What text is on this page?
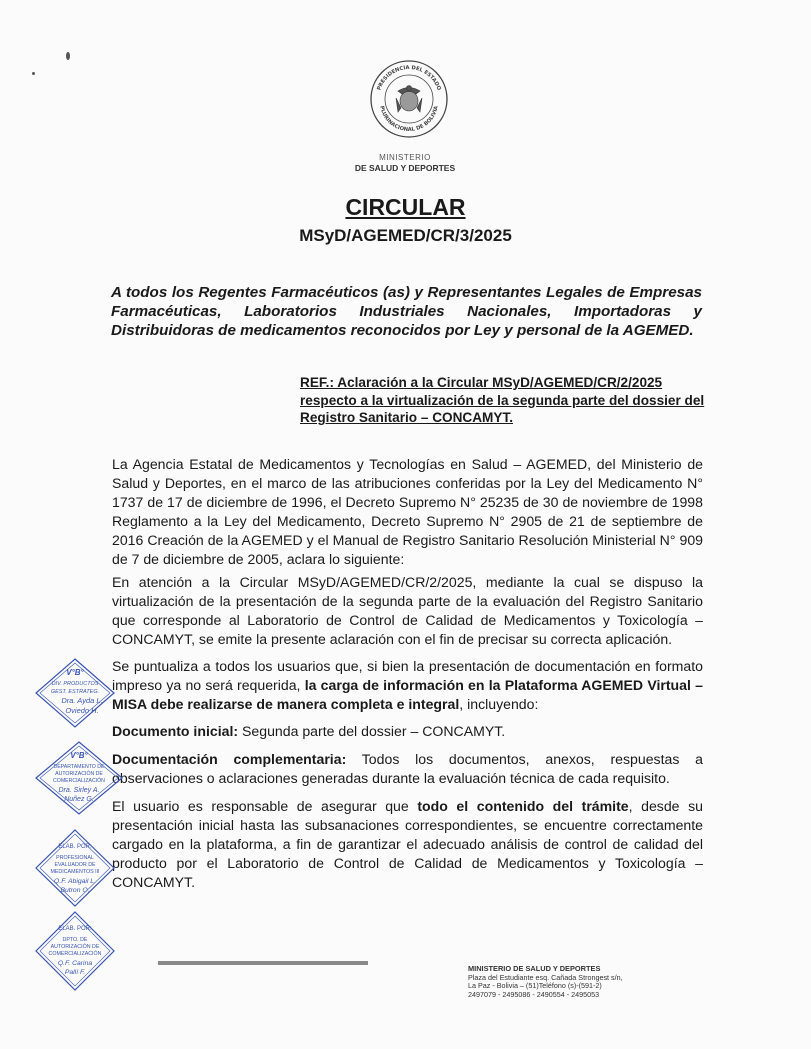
PRESIDENCIA DEL ESTADO
PLURINACIONAL DE BOLIVIA
MINISTERIO
DE SALUD Y DEPORTES
CIRCULAR
MSyD/AGEMED/CR/3/2025
A todos los Regentes Farmacéuticos (as) y Representantes Legales de Empresas Farmacéuticas, Laboratorios Industriales Nacionales, Importadoras y Distribuidoras de medicamentos reconocidos por Ley y personal de la AGEMED.
REF.: Aclaración a la Circular MSyD/AGEMED/CR/2/2025 respecto a la virtualización de la segunda parte del dossier del Registro Sanitario – CONCAMYT.
La Agencia Estatal de Medicamentos y Tecnologías en Salud – AGEMED, del Ministerio de Salud y Deportes, en el marco de las atribuciones conferidas por la Ley del Medicamento N° 1737 de 17 de diciembre de 1996, el Decreto Supremo N° 25235 de 30 de noviembre de 1998 Reglamento a la Ley del Medicamento, Decreto Supremo N° 2905 de 21 de septiembre de 2016 Creación de la AGEMED y el Manual de Registro Sanitario Resolución Ministerial N° 909 de 7 de diciembre de 2005, aclara lo siguiente:
En atención a la Circular MSyD/AGEMED/CR/2/2025, mediante la cual se dispuso la virtualización de la presentación de la segunda parte de la evaluación del Registro Sanitario que corresponde al Laboratorio de Control de Calidad de Medicamentos y Toxicología – CONCAMYT, se emite la presente aclaración con el fin de precisar su correcta aplicación.
Se puntualiza a todos los usuarios que, si bien la presentación de documentación en formato impreso ya no será requerida, la carga de información en la Plataforma AGEMED Virtual – MISA debe realizarse de manera completa e integral, incluyendo:
Documento inicial: Segunda parte del dossier – CONCAMYT.
Documentación complementaria: Todos los documentos, anexos, respuestas a observaciones o aclaraciones generadas durante la evaluación técnica de cada requisito.
El usuario es responsable de asegurar que todo el contenido del trámite, desde su presentación inicial hasta las subsanaciones correspondientes, se encuentre correctamente cargado en la plataforma, a fin de garantizar el adecuado análisis de control de calidad del producto por el Laboratorio de Control de Calidad de Medicamentos y Toxicología – CONCAMYT.
V°B°
DIV. PRODUCTOS
GEST. ESTRATEG.
Dra. Ayda L.
Oviedo H.
V°B°
DEPARTAMENTO DE
AUTORIZACIÓN DE
COMERCIALIZACIÓN
Dra. Sirley A.
Nuñez G.
ELAB. POR:
PROFESIONAL
EVALUADOR DE
MEDICAMENTOS III
Q.F. Abigail L.
Butron O.
ELAB. POR:
DPTO. DE
AUTORIZACIÓN DE
COMERCIALIZACIÓN
Q.F. Carina
Pallí F.	MINISTERIO DE SALUD Y DEPORTES
Plaza del Estudiante esq. Cañada Strongest s/n,
La Paz - Bolivia – (51)Teléfono (s)-(591-2)
2497079 - 2495086 - 2490554 - 2495053
